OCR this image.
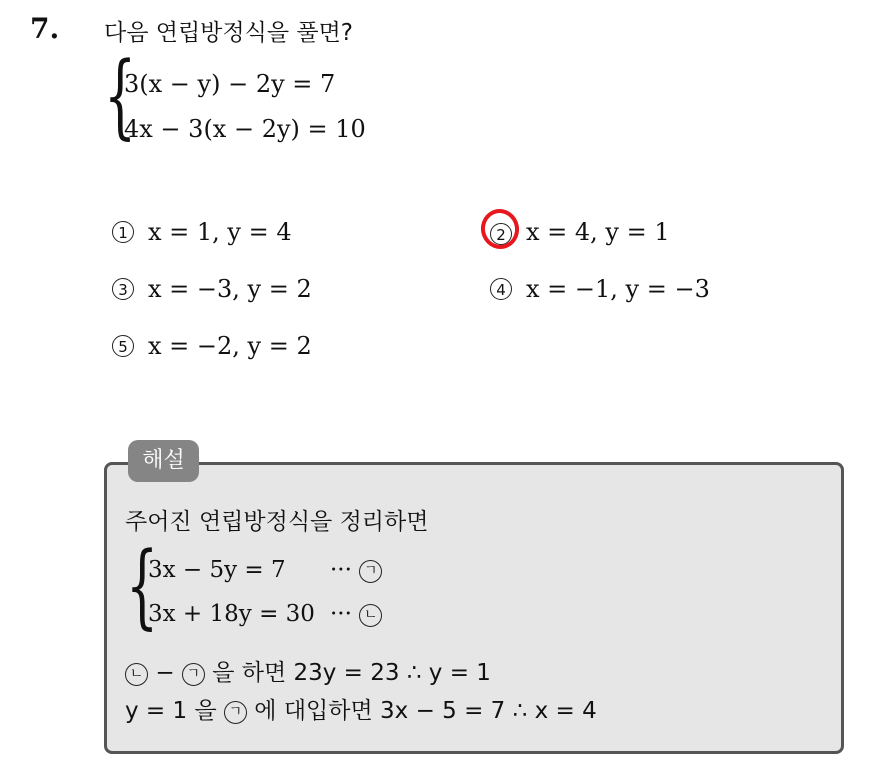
7. 다음 연립방정식을 풀면?
{
3(x − y) − 2y = 7
4x − 3(x − 2y) = 10
1 x = 1, y = 4	2 x = 4, y = 1
3 x = −3, y = 2	4 x = −1, y = −3
5 x = −2, y = 2
해설
주어진 연립방정식을 정리하면
{
3x − 5y = 7 ··· ㄱ
3x + 18y = 30 ··· ㄴ
ㄴ − ㄱ 을 하면 23y = 23 ∴ y = 1
y = 1 을 ㄱ 에 대입하면 3x − 5 = 7 ∴ x = 4
